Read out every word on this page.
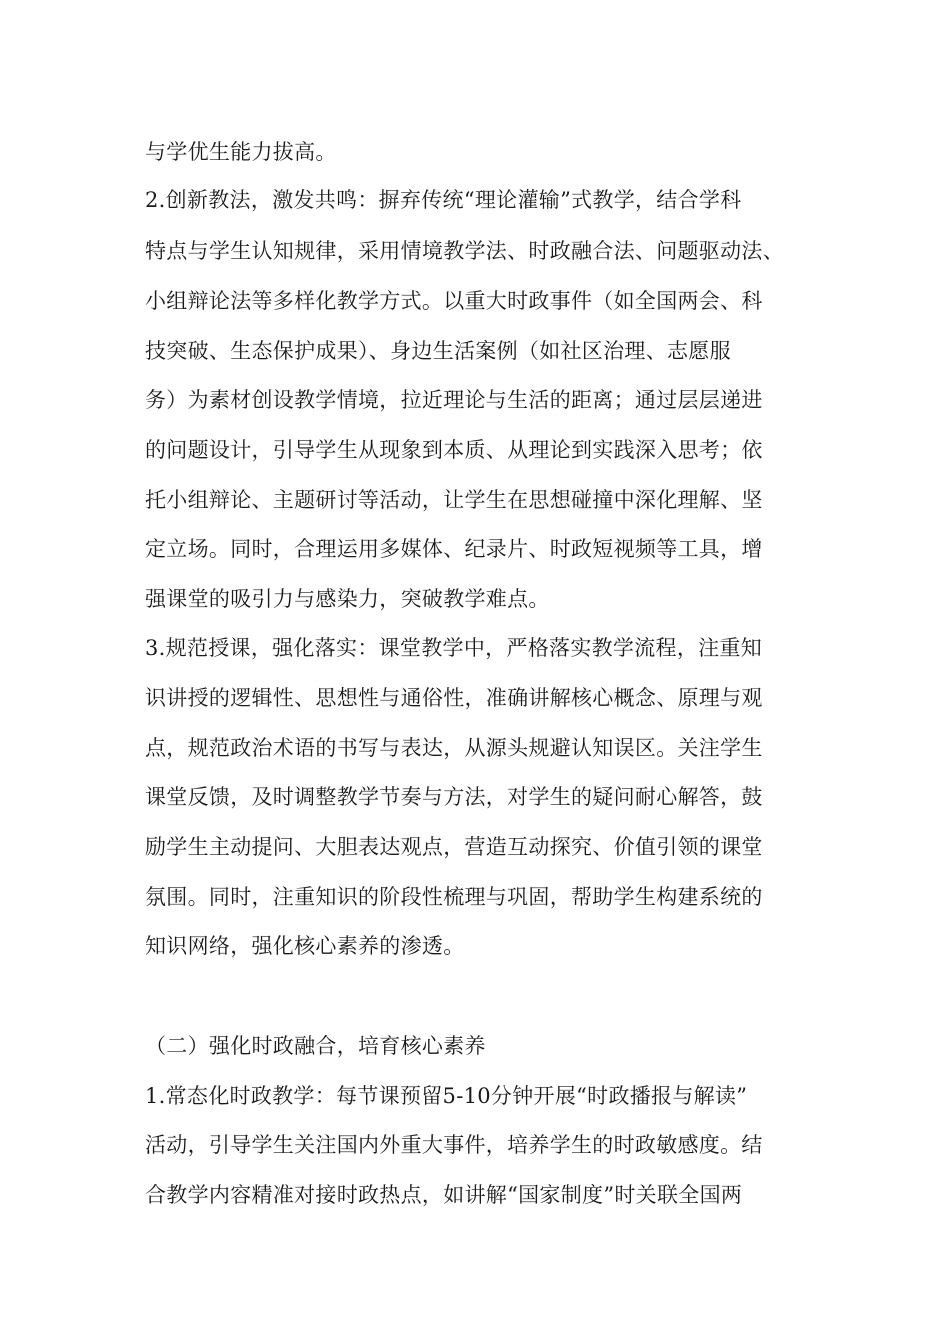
与学优生能力拔高。
2.创新教法，激发共鸣：摒弃传统“理论灌输”式教学，结合学科
特点与学生认知规律，采用情境教学法、时政融合法、问题驱动法、
小组辩论法等多样化教学方式。以重大时政事件（如全国两会、科
技突破、生态保护成果）、身边生活案例（如社区治理、志愿服
务）为素材创设教学情境，拉近理论与生活的距离；通过层层递进
的问题设计，引导学生从现象到本质、从理论到实践深入思考；依
托小组辩论、主题研讨等活动，让学生在思想碰撞中深化理解、坚
定立场。同时，合理运用多媒体、纪录片、时政短视频等工具，增
强课堂的吸引力与感染力，突破教学难点。
3.规范授课，强化落实：课堂教学中，严格落实教学流程，注重知
识讲授的逻辑性、思想性与通俗性，准确讲解核心概念、原理与观
点，规范政治术语的书写与表达，从源头规避认知误区。关注学生
课堂反馈，及时调整教学节奏与方法，对学生的疑问耐心解答，鼓
励学生主动提问、大胆表达观点，营造互动探究、价值引领的课堂
氛围。同时，注重知识的阶段性梳理与巩固，帮助学生构建系统的
知识网络，强化核心素养的渗透。
（二）强化时政融合，培育核心素养
1.常态化时政教学：每节课预留5-10分钟开展“时政播报与解读”
活动，引导学生关注国内外重大事件，培养学生的时政敏感度。结
合教学内容精准对接时政热点，如讲解“国家制度”时关联全国两
